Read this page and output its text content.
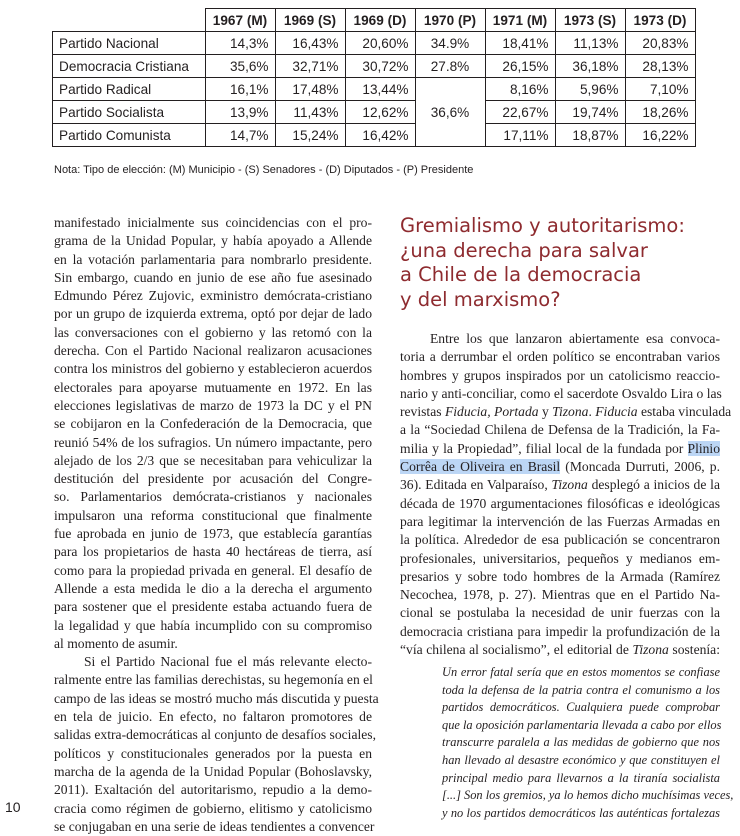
	1967 (M)	1969 (S)	1969 (D)	1970 (P)	1971 (M)	1973 (S)	1973 (D)
Partido Nacional	14,3%	16,43%	20,60%	34.9%	18,41%	11,13%	20,83%
Democracia Cristiana	35,6%	32,71%	30,72%	27.8%	26,15%	36,18%	28,13%
Partido Radical	16,1%	17,48%	13,44%	36,6%	8,16%	5,96%	7,10%
Partido Socialista	13,9%	11,43%	12,62%		22,67%	19,74%	18,26%
Partido Comunista	14,7%	15,24%	16,42%		17,11%	18,87%	16,22%
Nota: Tipo de elección: (M) Municipio - (S) Senadores - (D) Diputados - (P) Presidente
manifestado inicialmente sus coincidencias con el pro-
grama de la Unidad Popular, y había apoyado a Allende
en la votación parlamentaria para nombrarlo presidente.
Sin embargo, cuando en junio de ese año fue asesinado
Edmundo Pérez Zujovic, exministro demócrata-cristiano
por un grupo de izquierda extrema, optó por dejar de lado
las conversaciones con el gobierno y las retomó con la
derecha. Con el Partido Nacional realizaron acusaciones
contra los ministros del gobierno y establecieron acuerdos
electorales para apoyarse mutuamente en 1972. En las
elecciones legislativas de marzo de 1973 la DC y el PN
se cobijaron en la Confederación de la Democracia, que
reunió 54% de los sufragios. Un número impactante, pero
alejado de los 2/3 que se necesitaban para vehiculizar la
destitución del presidente por acusación del Congre-
so. Parlamentarios demócrata-cristianos y nacionales
impulsaron una reforma constitucional que finalmente
fue aprobada en junio de 1973, que establecía garantías
para los propietarios de hasta 40 hectáreas de tierra, así
como para la propiedad privada en general. El desafío de
Allende a esta medida le dio a la derecha el argumento
para sostener que el presidente estaba actuando fuera de
la legalidad y que había incumplido con su compromiso
al momento de asumir.
Si el Partido Nacional fue el más relevante electo-
ralmente entre las familias derechistas, su hegemonía en el
campo de las ideas se mostró mucho más discutida y puesta
en tela de juicio. En efecto, no faltaron promotores de
salidas extra-democráticas al conjunto de desafíos sociales,
políticos y constitucionales generados por la puesta en
marcha de la agenda de la Unidad Popular (Bohoslavsky,
2011). Exaltación del autoritarismo, repudio a la demo-
cracia como régimen de gobierno, elitismo y catolicismo
se conjugaban en una serie de ideas tendientes a convencer
Gremialismo y autoritarismo:
¿una derecha para salvar
a Chile de la democracia
y del marxismo?
Entre los que lanzaron abiertamente esa convoca-
toria a derrumbar el orden político se encontraban varios
hombres y grupos inspirados por un catolicismo reaccio-
nario y anti-conciliar, como el sacerdote Osvaldo Lira o las
revistas Fiducia, Portada y Tizona. Fiducia estaba vinculada
a la “Sociedad Chilena de Defensa de la Tradición, la Fa-
milia y la Propiedad”, filial local de la fundada por Plinio
Corrêa de Oliveira en Brasil (Moncada Durruti, 2006, p.
36). Editada en Valparaíso, Tizona desplegó a inicios de la
década de 1970 argumentaciones filosóficas e ideológicas
para legitimar la intervención de las Fuerzas Armadas en
la política. Alrededor de esa publicación se concentraron
profesionales, universitarios, pequeños y medianos em-
presarios y sobre todo hombres de la Armada (Ramírez
Necochea, 1978, p. 27). Mientras que en el Partido Na-
cional se postulaba la necesidad de unir fuerzas con la
democracia cristiana para impedir la profundización de la
“vía chilena al socialismo”, el editorial de Tizona sostenía:
Un error fatal sería que en estos momentos se confiase
toda la defensa de la patria contra el comunismo a los
partidos democráticos. Cualquiera puede comprobar
que la oposición parlamentaria llevada a cabo por ellos
transcurre paralela a las medidas de gobierno que nos
han llevado al desastre económico y que constituyen el
principal medio para llevarnos a la tiranía socialista
[...] Son los gremios, ya lo hemos dicho muchísimas veces,
y no los partidos democráticos las auténticas fortalezas
10
